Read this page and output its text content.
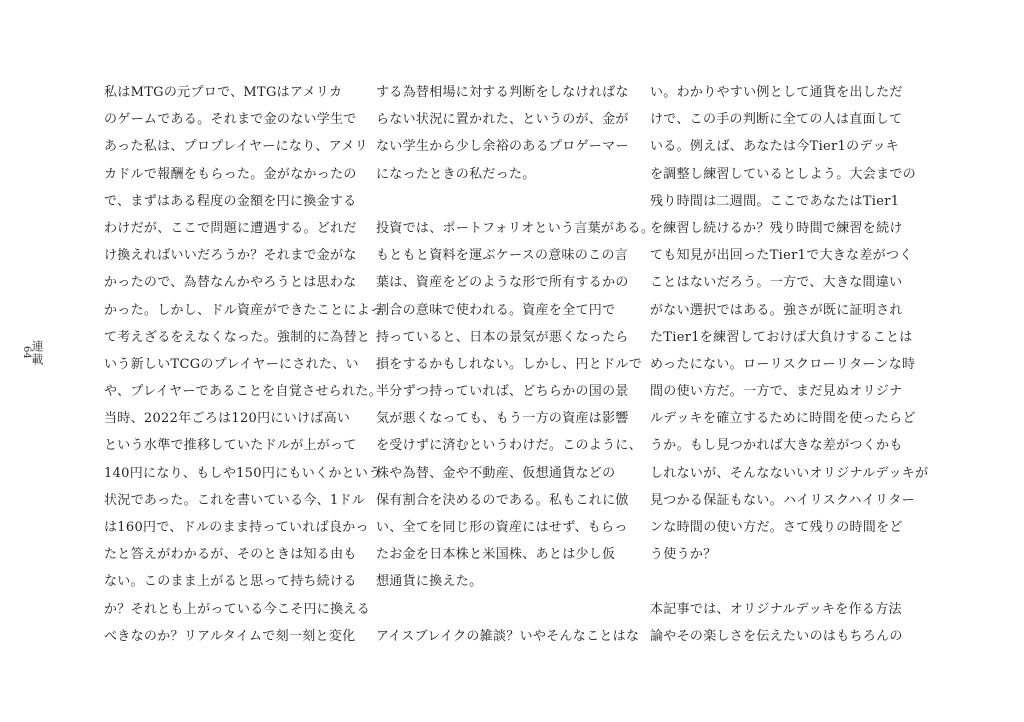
連載
64
私はMTGの元プロで、MTGはアメリカ
のゲームである。それまで金のない学生で
あった私は、プロプレイヤーになり、アメリ
カドルで報酬をもらった。金がなかったの
で、まずはある程度の金額を円に換金する
わけだが、ここで問題に遭遇する。どれだ
け換えればいいだろうか？それまで金がな
かったので、為替なんかやろうとは思わな
かった。しかし、ドル資産ができたことによっ
て考えざるをえなくなった。強制的に為替と
いう新しいTCGのプレイヤーにされた、い
や、プレイヤーであることを自覚させられた。
当時、2022年ごろは120円にいけば高い
という水準で推移していたドルが上がって
140円になり、もしや150円にもいくかという
状況であった。これを書いている今、1ドル
は160円で、ドルのまま持っていれば良かっ
たと答えがわかるが、そのときは知る由も
ない。このまま上がると思って持ち続ける
か？それとも上がっている今こそ円に換える
べきなのか？リアルタイムで刻一刻と変化
する為替相場に対する判断をしなければな
らない状況に置かれた、というのが、金が
ない学生から少し余裕のあるプロゲーマー
になったときの私だった。
投資では、ポートフォリオという言葉がある。
もともと資料を運ぶケースの意味のこの言
葉は、資産をどのような形で所有するかの
割合の意味で使われる。資産を全て円で
持っていると、日本の景気が悪くなったら
損をするかもしれない。しかし、円とドルで
半分ずつ持っていれば、どちらかの国の景
気が悪くなっても、もう一方の資産は影響
を受けずに済むというわけだ。このように、
株や為替、金や不動産、仮想通貨などの
保有割合を決めるのである。私もこれに倣
い、全てを同じ形の資産にはせず、もらっ
たお金を日本株と米国株、あとは少し仮
想通貨に換えた。
アイスブレイクの雑談？いやそんなことはな
い。わかりやすい例として通貨を出しただ
けで、この手の判断に全ての人は直面して
いる。例えば、あなたは今Tier1のデッキ
を調整し練習しているとしよう。大会までの
残り時間は二週間。ここであなたはTier1
を練習し続けるか？残り時間で練習を続け
ても知見が出回ったTier1で大きな差がつく
ことはないだろう。一方で、大きな間違い
がない選択ではある。強さが既に証明され
たTier1を練習しておけば大負けすることは
めったにない。ローリスクローリターンな時
間の使い方だ。一方で、まだ見ぬオリジナ
ルデッキを確立するために時間を使ったらど
うか。もし見つかれば大きな差がつくかも
しれないが、そんなないいオリジナルデッキが
見つかる保証もない。ハイリスクハイリター
ンな時間の使い方だ。さて残りの時間をど
う使うか？
本記事では、オリジナルデッキを作る方法
論やその楽しさを伝えたいのはもちろんの
